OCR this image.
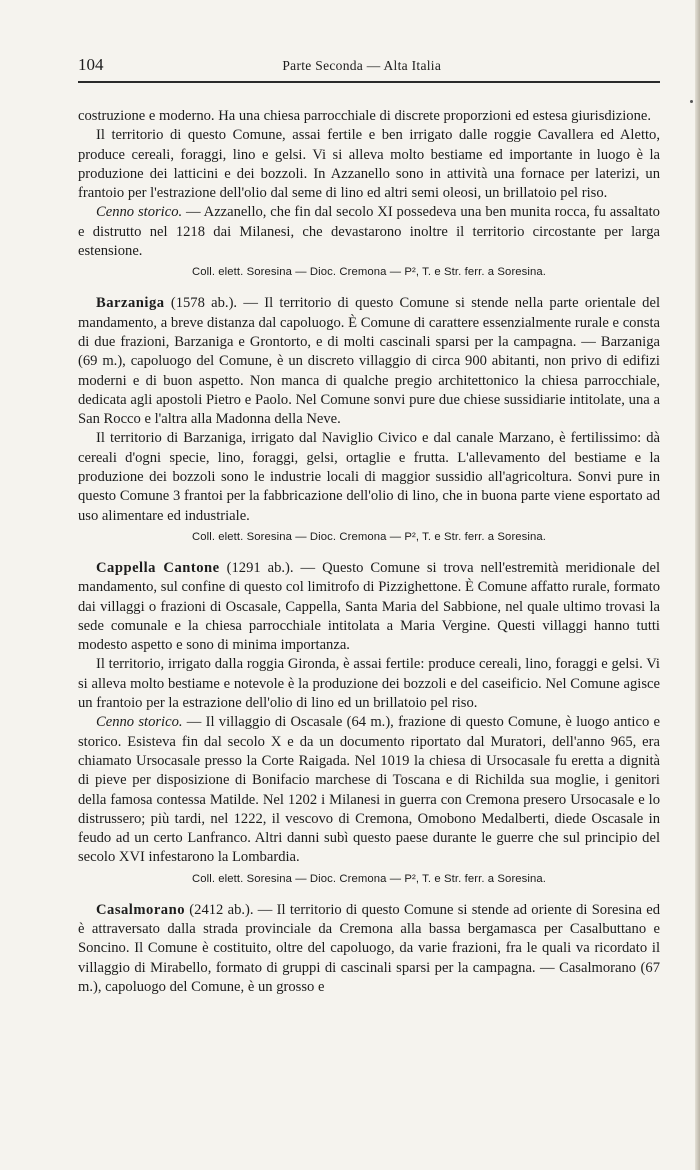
104	Parte Seconda — Alta Italia

costruzione e moderno. Ha una chiesa parrocchiale di discrete proporzioni ed estesa giurisdizione.

Il territorio di questo Comune, assai fertile e ben irrigato dalle roggie Cavallera ed Aletto, produce cereali, foraggi, lino e gelsi. Vi si alleva molto bestiame ed importante in luogo è la produzione dei latticini e dei bozzoli. In Azzanello sono in attività una fornace per laterizi, un frantoio per l'estrazione dell'olio dal seme di lino ed altri semi oleosi, un brillatoio pel riso.

Cenno storico. — Azzanello, che fin dal secolo XI possedeva una ben munita rocca, fu assaltato e distrutto nel 1218 dai Milanesi, che devastarono inoltre il territorio circostante per larga estensione.

Coll. elett. Soresina — Dioc. Cremona — P², T. e Str. ferr. a Soresina.

Barzaniga (1578 ab.). — Il territorio di questo Comune si stende nella parte orientale del mandamento, a breve distanza dal capoluogo. È Comune di carattere essenzialmente rurale e consta di due frazioni, Barzaniga e Grontorto, e di molti cascinali sparsi per la campagna. — Barzaniga (69 m.), capoluogo del Comune, è un discreto villaggio di circa 900 abitanti, non privo di edifizi moderni e di buon aspetto. Non manca di qualche pregio architettonico la chiesa parrocchiale, dedicata agli apostoli Pietro e Paolo. Nel Comune sonvi pure due chiese sussidiarie intitolate, una a San Rocco e l'altra alla Madonna della Neve.

Il territorio di Barzaniga, irrigato dal Naviglio Civico e dal canale Marzano, è fertilissimo: dà cereali d'ogni specie, lino, foraggi, gelsi, ortaglie e frutta. L'allevamento del bestiame e la produzione dei bozzoli sono le industrie locali di maggior sussidio all'agricoltura. Sonvi pure in questo Comune 3 frantoi per la fabbricazione dell'olio di lino, che in buona parte viene esportato ad uso alimentare ed industriale.

Coll. elett. Soresina — Dioc. Cremona — P², T. e Str. ferr. a Soresina.

Cappella Cantone (1291 ab.). — Questo Comune si trova nell'estremità meridionale del mandamento, sul confine di questo col limitrofo di Pizzighettone. È Comune affatto rurale, formato dai villaggi o frazioni di Oscasale, Cappella, Santa Maria del Sabbione, nel quale ultimo trovasi la sede comunale e la chiesa parrocchiale intitolata a Maria Vergine. Questi villaggi hanno tutti modesto aspetto e sono di minima importanza.

Il territorio, irrigato dalla roggia Gironda, è assai fertile: produce cereali, lino, foraggi e gelsi. Vi si alleva molto bestiame e notevole è la produzione dei bozzoli e del caseificio. Nel Comune agisce un frantoio per la estrazione dell'olio di lino ed un brillatoio pel riso.

Cenno storico. — Il villaggio di Oscasale (64 m.), frazione di questo Comune, è luogo antico e storico. Esisteva fin dal secolo X e da un documento riportato dal Muratori, dell'anno 965, era chiamato Ursocasale presso la Corte Raigada. Nel 1019 la chiesa di Ursocasale fu eretta a dignità di pieve per disposizione di Bonifacio marchese di Toscana e di Richilda sua moglie, i genitori della famosa contessa Matilde. Nel 1202 i Milanesi in guerra con Cremona presero Ursocasale e lo distrussero; più tardi, nel 1222, il vescovo di Cremona, Omobono Medalberti, diede Oscasale in feudo ad un certo Lanfranco. Altri danni subì questo paese durante le guerre che sul principio del secolo XVI infestarono la Lombardia.

Coll. elett. Soresina — Dioc. Cremona — P², T. e Str. ferr. a Soresina.

Casalmorano (2412 ab.). — Il territorio di questo Comune si stende ad oriente di Soresina ed è attraversato dalla strada provinciale da Cremona alla bassa bergamasca per Casalbuttano e Soncino. Il Comune è costituito, oltre del capoluogo, da varie frazioni, fra le quali va ricordato il villaggio di Mirabello, formato di gruppi di cascinali sparsi per la campagna. — Casalmorano (67 m.), capoluogo del Comune, è un grosso e
